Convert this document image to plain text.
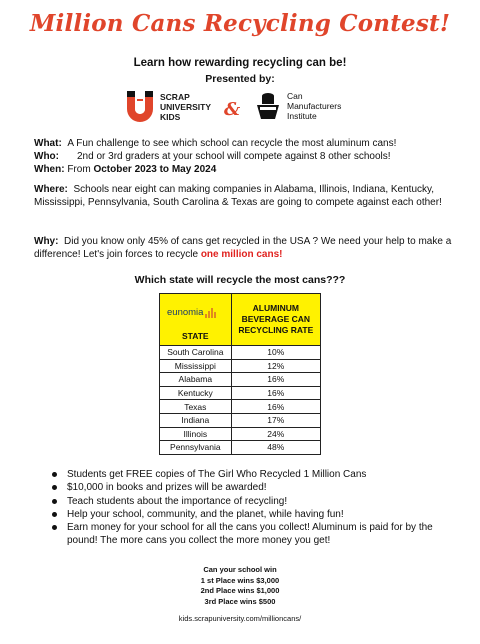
Million Cans Recycling Contest!
Learn how rewarding recycling can be!
Presented by:
SCRAP
UNIVERSITY
KIDS	&
Can
Manufacturers
Institute
What: A Fun challenge to see which school can recycle the most aluminum cans!
Who: 2nd or 3rd graders at your school will compete against 8 other schools!
When: From October 2023 to May 2024
Where: Schools near eight can making companies in Alabama, Illinois, Indiana, Kentucky, Mississippi, Pennsylvania, South Carolina & Texas are going to compete against each other!
Why: Did you know only 45% of cans get recycled in the USA ? We need your help to make a difference! Let's join forces to recycle one million cans!
Which state will recycle the most cans???
eunomia
STATE	ALUMINUM BEVERAGE CAN RECYCLING RATE
South Carolina	10%
Mississippi	12%
Alabama	16%
Kentucky	16%
Texas	16%
Indiana	17%
Illinois	24%
Pennsylvania	48%
Students get FREE copies of The Girl Who Recycled 1 Million Cans
$10,000 in books and prizes will be awarded!
Teach students about the importance of recycling!
Help your school, community, and the planet, while having fun!
Earn money for your school for all the cans you collect! Aluminum is paid for by the pound! The more cans you collect the more money you get!
Can your school win
1 st Place wins $3,000
2nd Place wins $1,000
3rd Place wins $500
kids.scrapuniversity.com/millioncans/
